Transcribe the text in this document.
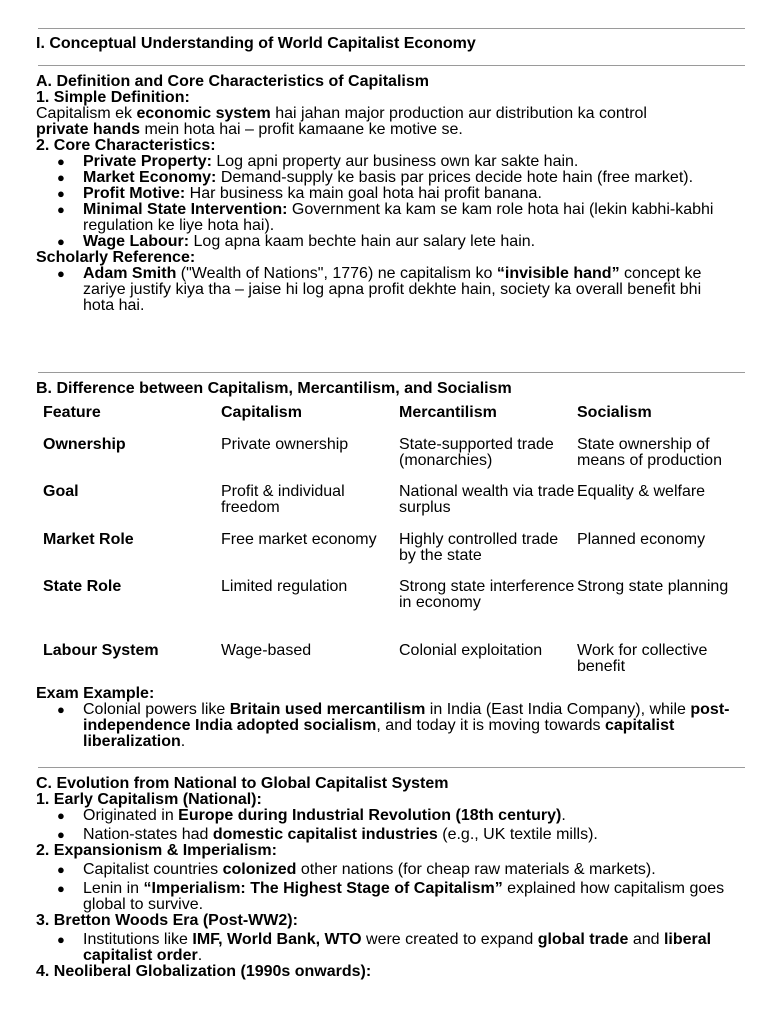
I. Conceptual Understanding of World Capitalist Economy
A. Definition and Core Characteristics of Capitalism
1. Simple Definition:
Capitalism ek economic system hai jahan major production aur distribution ka control
private hands mein hota hai – profit kamaane ke motive se.
2. Core Characteristics:
● Private Property: Log apni property aur business own kar sakte hain.
● Market Economy: Demand-supply ke basis par prices decide hote hain (free market).
● Profit Motive: Har business ka main goal hota hai profit banana.
● Minimal State Intervention: Government ka kam se kam role hota hai (lekin kabhi-kabhi regulation ke liye hota hai).
● Wage Labour: Log apna kaam bechte hain aur salary lete hain.
Scholarly Reference:
● Adam Smith ("Wealth of Nations", 1776) ne capitalism ko “invisible hand” concept ke zariye justify kiya tha – jaise hi log apna profit dekhte hain, society ka overall benefit bhi hota hai.
B. Difference between Capitalism, Mercantilism, and Socialism
Feature	Capitalism	Mercantilism	Socialism
Ownership	Private ownership	State-supported trade (monarchies)	State ownership of means of production
Goal	Profit & individual freedom	National wealth via trade surplus	Equality & welfare
Market Role	Free market economy	Highly controlled trade by the state	Planned economy
State Role	Limited regulation	Strong state interference in economy	Strong state planning
Labour System	Wage-based	Colonial exploitation	Work for collective benefit
Exam Example:
● Colonial powers like Britain used mercantilism in India (East India Company), while post-independence India adopted socialism, and today it is moving towards capitalist liberalization.
C. Evolution from National to Global Capitalist System
1. Early Capitalism (National):
● Originated in Europe during Industrial Revolution (18th century).
● Nation-states had domestic capitalist industries (e.g., UK textile mills).
2. Expansionism & Imperialism:
● Capitalist countries colonized other nations (for cheap raw materials & markets).
● Lenin in “Imperialism: The Highest Stage of Capitalism” explained how capitalism goes global to survive.
3. Bretton Woods Era (Post-WW2):
● Institutions like IMF, World Bank, WTO were created to expand global trade and liberal capitalist order.
4. Neoliberal Globalization (1990s onwards):
